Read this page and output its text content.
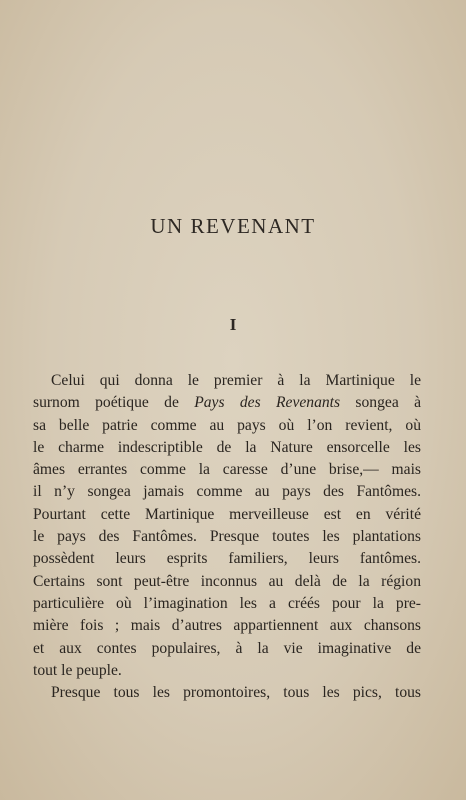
UN REVENANT
I
Celui qui donna le premier à la Martinique le
surnom poétique de Pays des Revenants songea à
sa belle patrie comme au pays où l’on revient, où
le charme indescriptible de la Nature ensorcelle les
âmes errantes comme la caresse d’une brise,— mais
il n’y songea jamais comme au pays des Fantômes.
Pourtant cette Martinique merveilleuse est en vérité
le pays des Fantômes. Presque toutes les plantations
possèdent leurs esprits familiers, leurs fantômes.
Certains sont peut-être inconnus au delà de la région
particulière où l’imagination les a créés pour la pre-
mière fois ; mais d’autres appartiennent aux chansons
et aux contes populaires, à la vie imaginative de
tout le peuple.
Presque tous les promontoires, tous les pics, tous
